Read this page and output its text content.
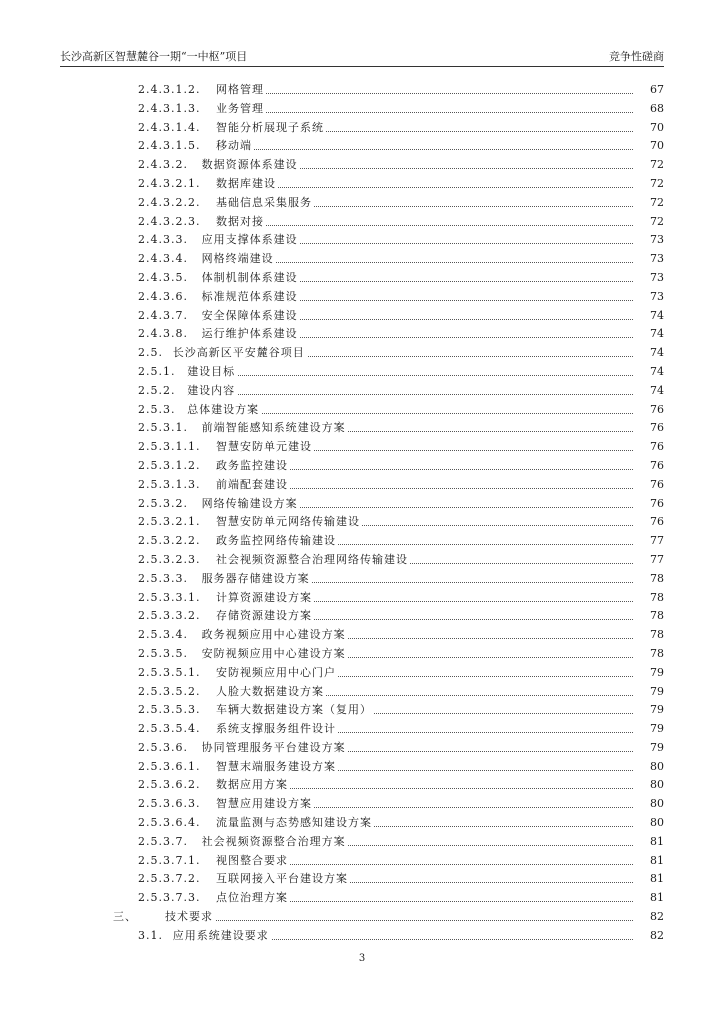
长沙高新区智慧麓谷一期“一中枢”项目	竞争性磋商
2.4.3.1.2. 网格管理	67
2.4.3.1.3. 业务管理	68
2.4.3.1.4. 智能分析展现子系统	70
2.4.3.1.5. 移动端	70
2.4.3.2. 数据资源体系建设	72
2.4.3.2.1. 数据库建设	72
2.4.3.2.2. 基础信息采集服务	72
2.4.3.2.3. 数据对接	72
2.4.3.3. 应用支撑体系建设	73
2.4.3.4. 网格终端建设	73
2.4.3.5. 体制机制体系建设	73
2.4.3.6. 标准规范体系建设	73
2.4.3.7. 安全保障体系建设	74
2.4.3.8. 运行维护体系建设	74
2.5. 长沙高新区平安麓谷项目	74
2.5.1. 建设目标	74
2.5.2. 建设内容	74
2.5.3. 总体建设方案	76
2.5.3.1. 前端智能感知系统建设方案	76
2.5.3.1.1. 智慧安防单元建设	76
2.5.3.1.2. 政务监控建设	76
2.5.3.1.3. 前端配套建设	76
2.5.3.2. 网络传输建设方案	76
2.5.3.2.1. 智慧安防单元网络传输建设	76
2.5.3.2.2. 政务监控网络传输建设	77
2.5.3.2.3. 社会视频资源整合治理网络传输建设	77
2.5.3.3. 服务器存储建设方案	78
2.5.3.3.1. 计算资源建设方案	78
2.5.3.3.2. 存储资源建设方案	78
2.5.3.4. 政务视频应用中心建设方案	78
2.5.3.5. 安防视频应用中心建设方案	78
2.5.3.5.1. 安防视频应用中心门户	79
2.5.3.5.2. 人脸大数据建设方案	79
2.5.3.5.3. 车辆大数据建设方案（复用）	79
2.5.3.5.4. 系统支撑服务组件设计	79
2.5.3.6. 协同管理服务平台建设方案	79
2.5.3.6.1. 智慧末端服务建设方案	80
2.5.3.6.2. 数据应用方案	80
2.5.3.6.3. 智慧应用建设方案	80
2.5.3.6.4. 流量监测与态势感知建设方案	80
2.5.3.7. 社会视频资源整合治理方案	81
2.5.3.7.1. 视图整合要求	81
2.5.3.7.2. 互联网接入平台建设方案	81
2.5.3.7.3. 点位治理方案	81
三、	技术要求	82
3.1. 应用系统建设要求	82
3
